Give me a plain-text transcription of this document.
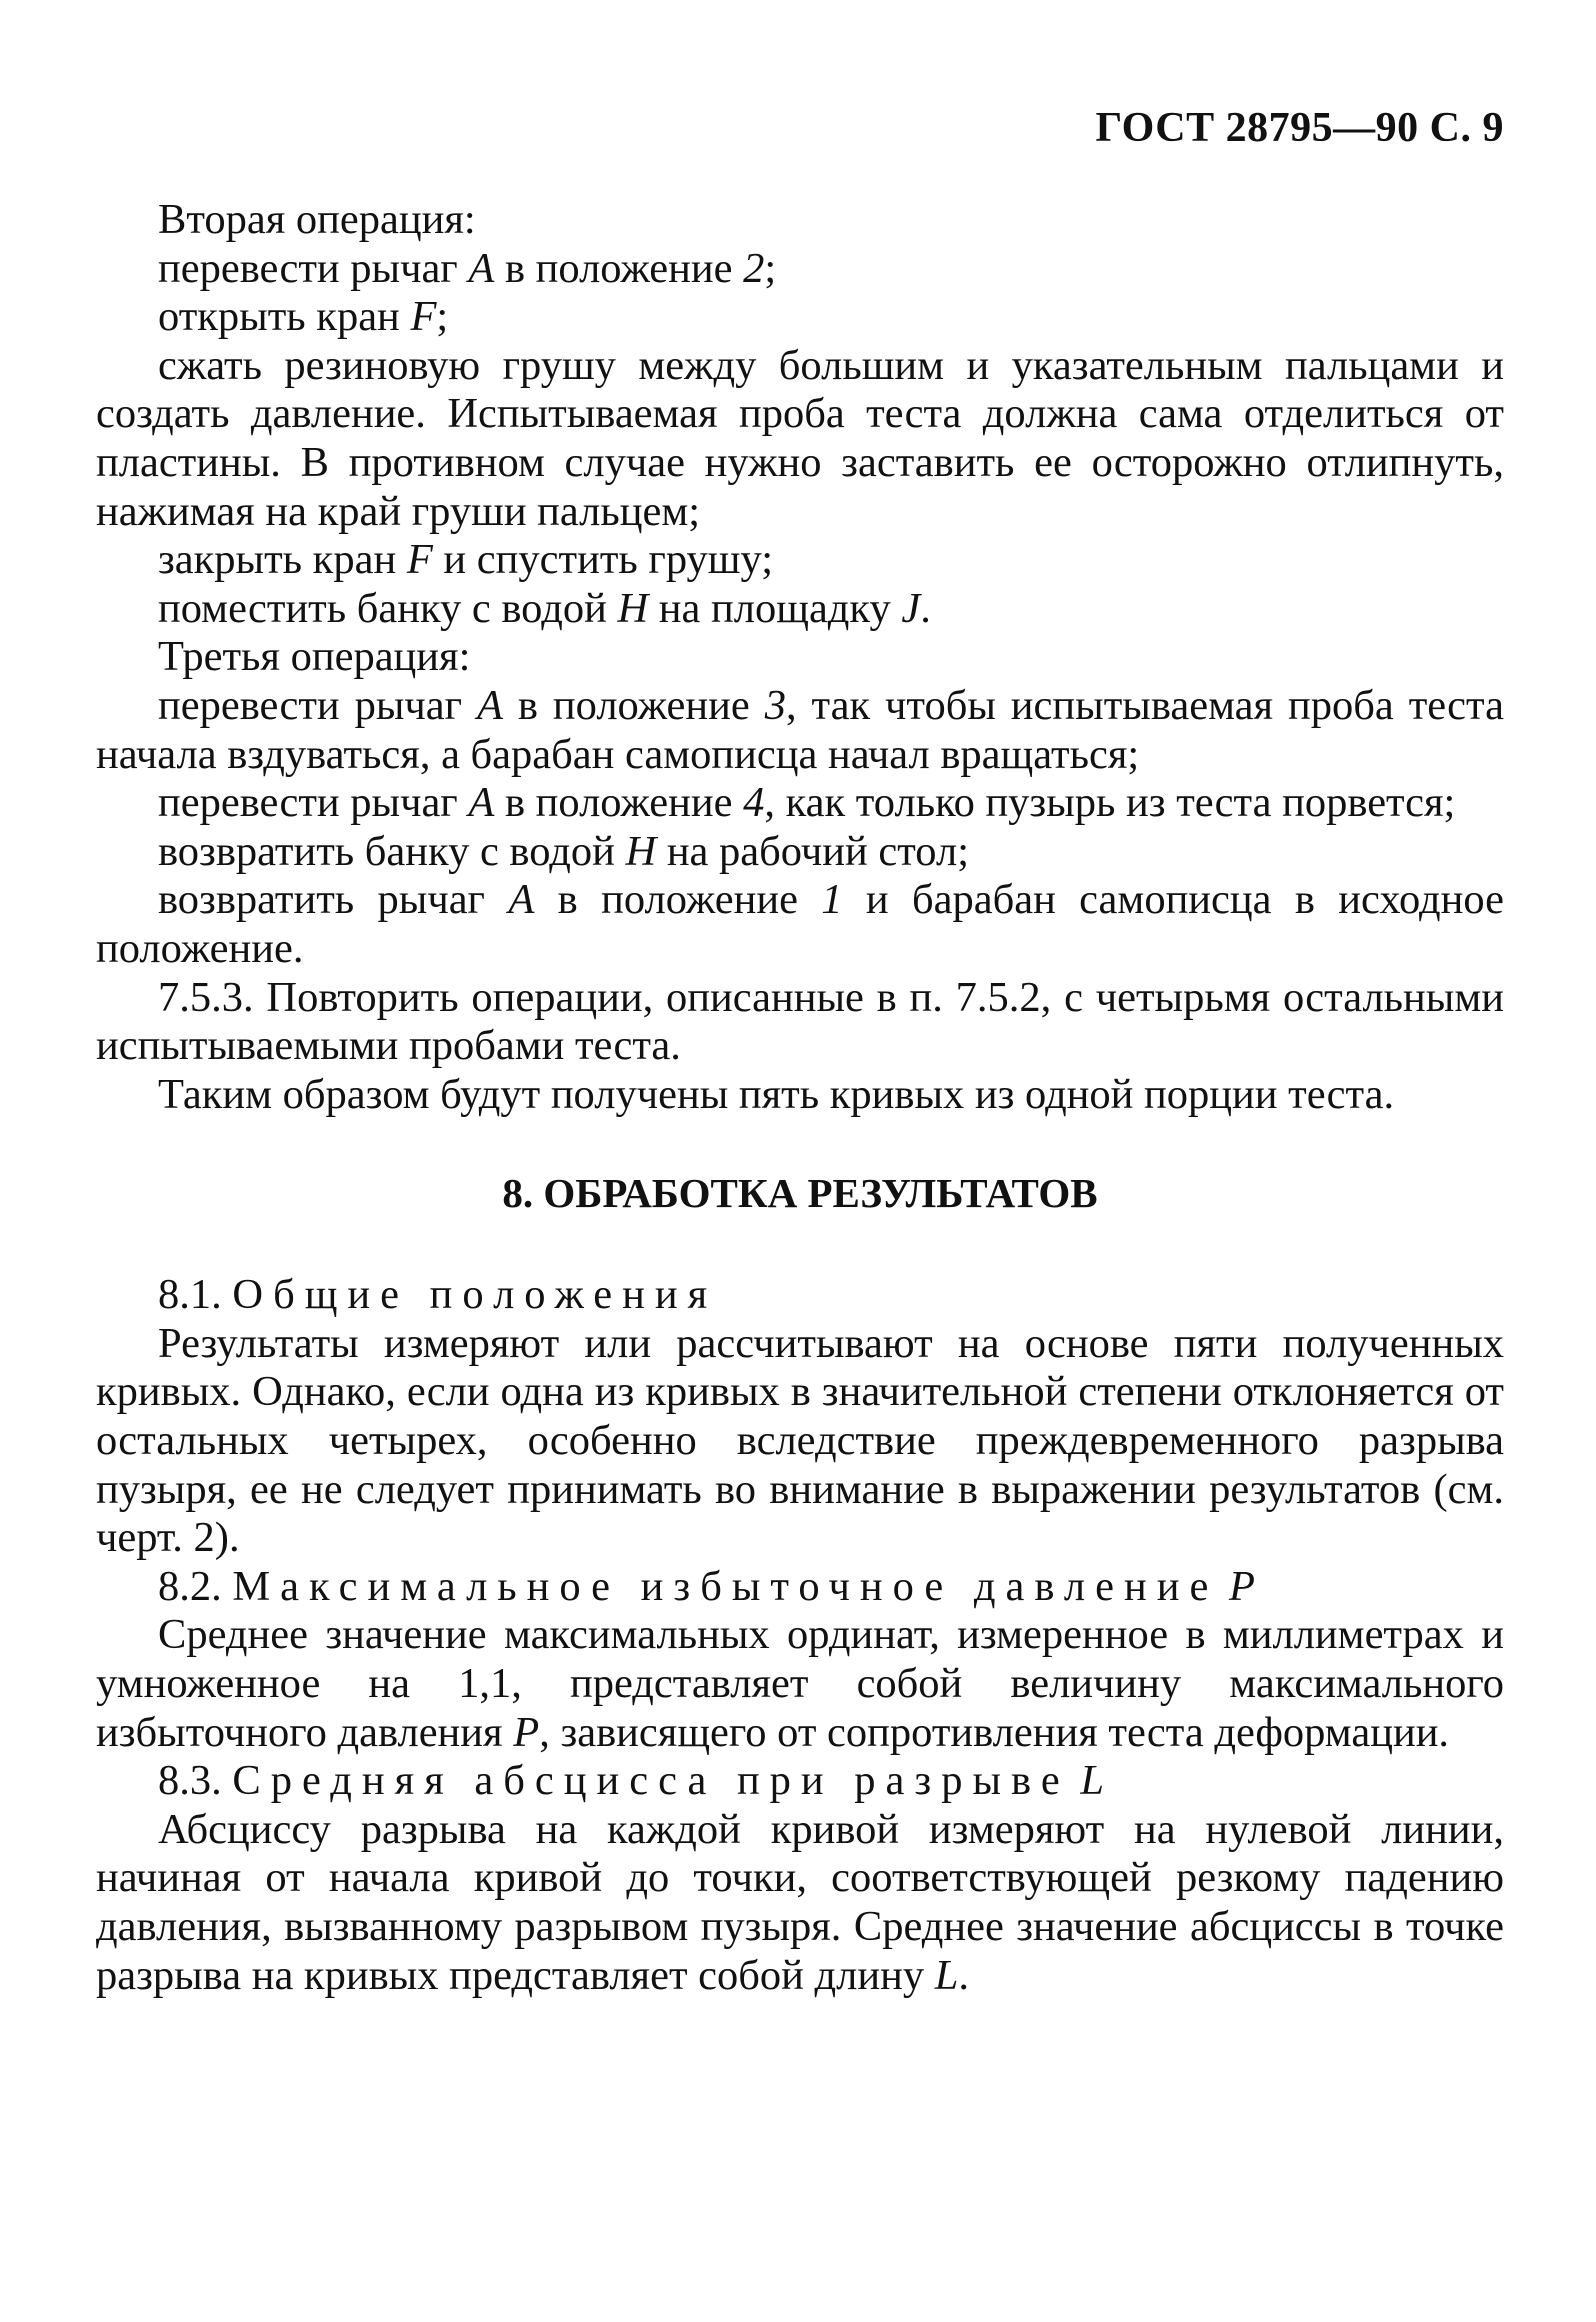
ГОСТ 28795—90 С. 9

Вторая операция:

перевести рычаг A в положение 2;

открыть кран F;

сжать резиновую грушу между большим и указательным пальцами и создать давление. Испытываемая проба теста должна сама отделиться от пластины. В противном случае нужно заставить ее осторожно отлипнуть, нажимая на край груши пальцем;

закрыть кран F и спустить грушу;

поместить банку с водой H на площадку J.

Третья операция:

перевести рычаг A в положение 3, так чтобы испытываемая проба теста начала вздуваться, а барабан самописца начал вращаться;

перевести рычаг A в положение 4, как только пузырь из теста порвется;

возвратить банку с водой H на рабочий стол;

возвратить рычаг A в положение 1 и барабан самописца в исходное положение.

7.5.3. Повторить операции, описанные в п. 7.5.2, с четырьмя остальными испытываемыми пробами теста.

Таким образом будут получены пять кривых из одной порции теста.

8. ОБРАБОТКА РЕЗУЛЬТАТОВ

8.1. Общие положения

Результаты измеряют или рассчитывают на основе пяти полученных кривых. Однако, если одна из кривых в значительной степени отклоняется от остальных четырех, особенно вследствие преждевременного разрыва пузыря, ее не следует принимать во внимание в выражении результатов (см. черт. 2).

8.2. Максимальное избыточное давление P

Среднее значение максимальных ординат, измеренное в миллиметрах и умноженное на 1,1, представляет собой величину максимального избыточного давления P, зависящего от сопротивления теста деформации.

8.3. Средняя абсцисса при разрыве L

Абсциссу разрыва на каждой кривой измеряют на нулевой линии, начиная от начала кривой до точки, соответствующей резкому падению давления, вызванному разрывом пузыря. Среднее значение абсциссы в точке разрыва на кривых представляет собой длину L.
